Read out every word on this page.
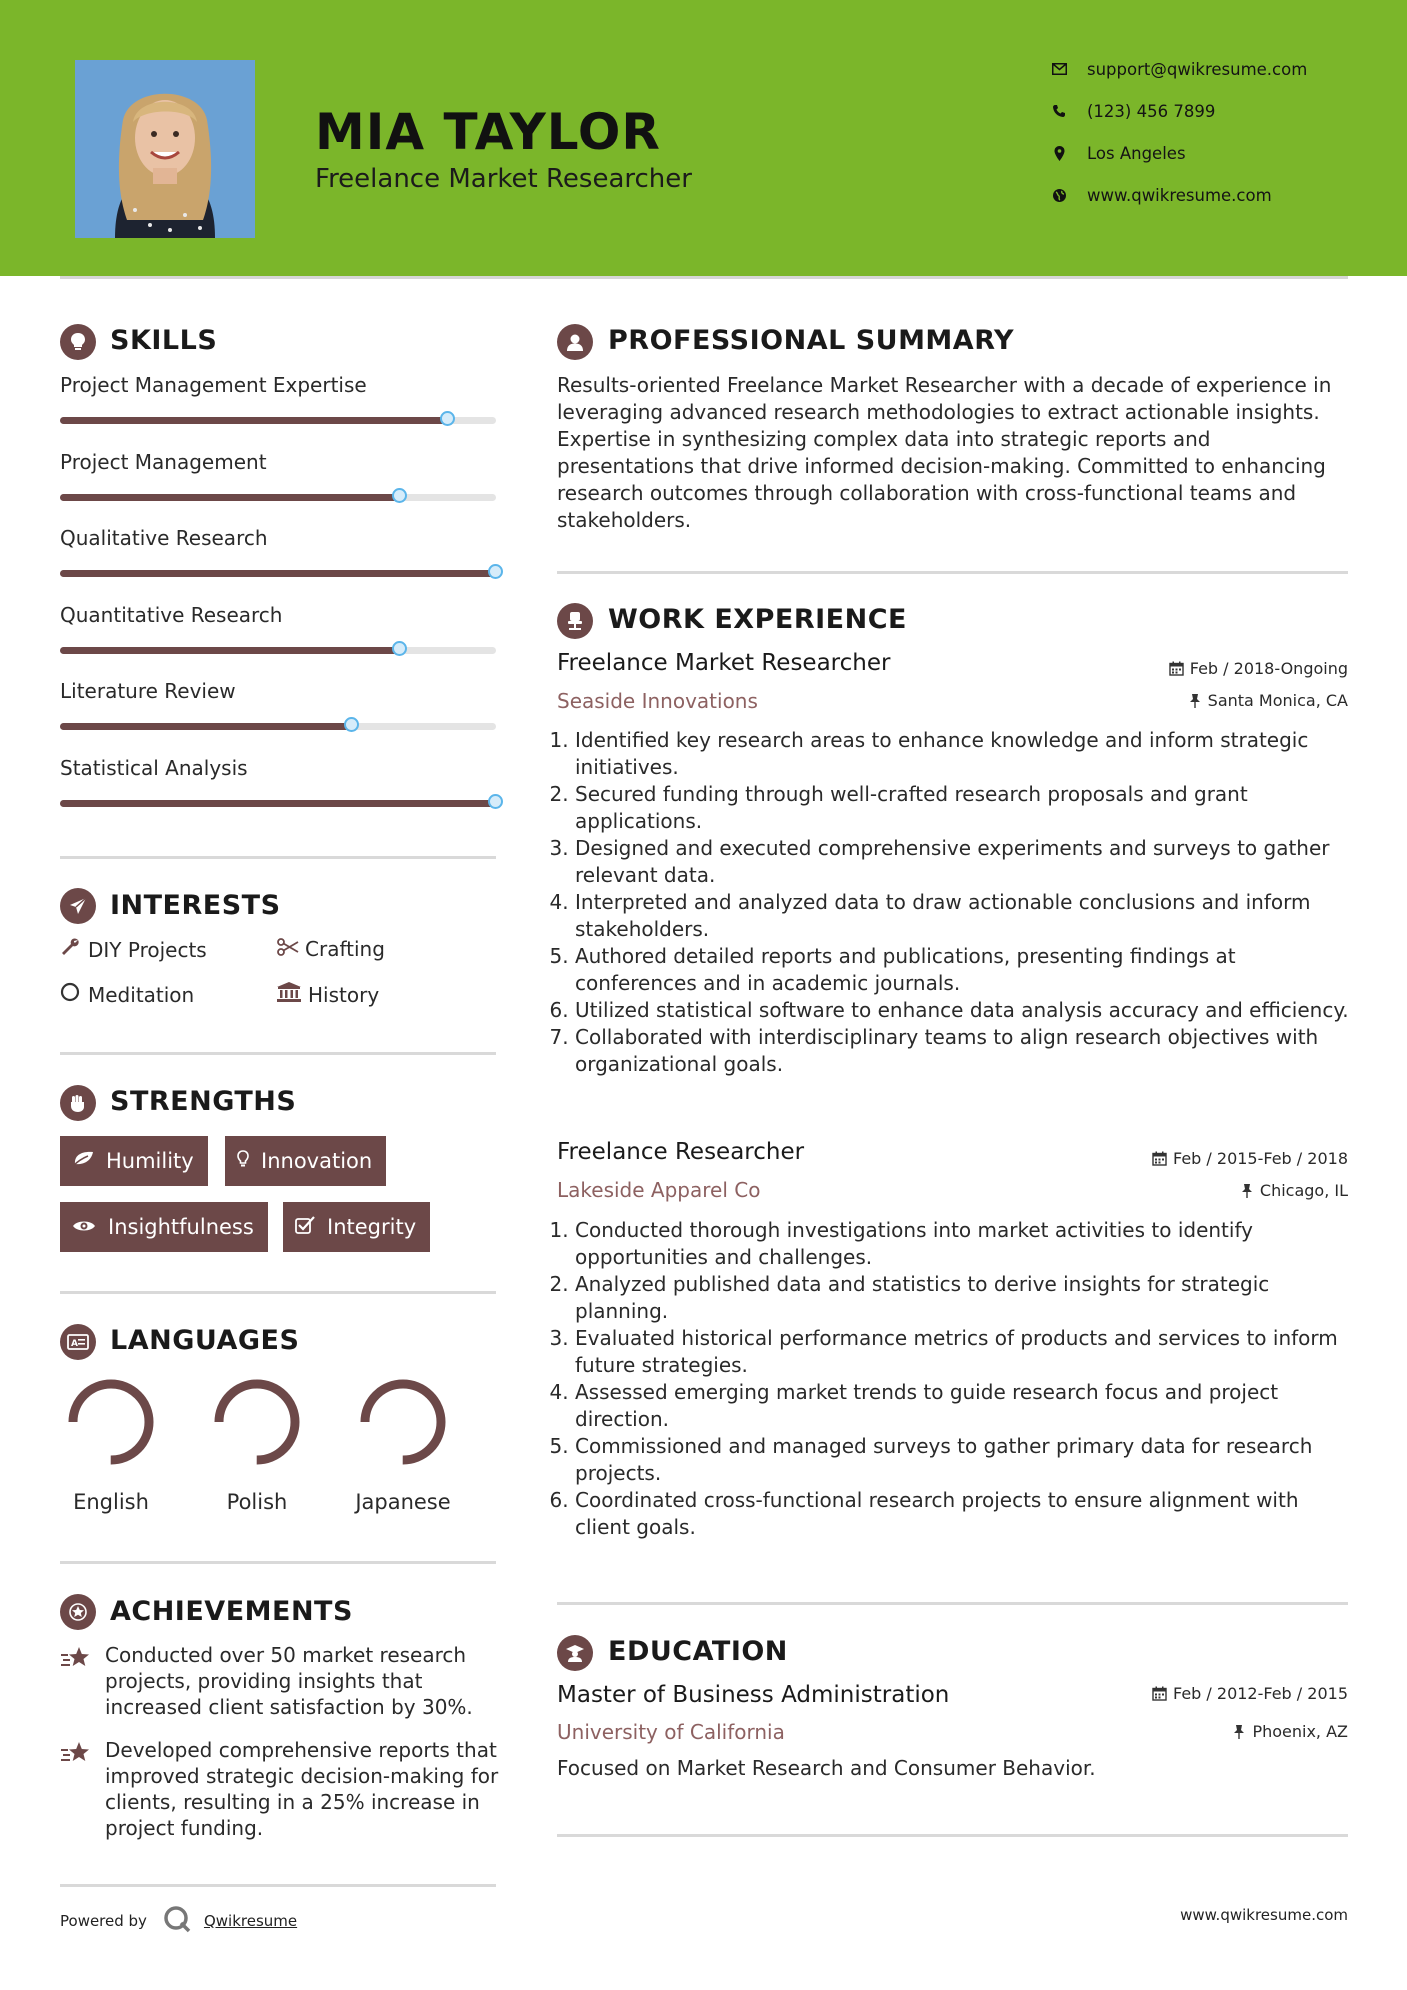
MIA TAYLOR
Freelance Market Researcher
support@qwikresume.com
(123) 456 7899
Los Angeles
www.qwikresume.com
SKILLS
Project Management Expertise
Project Management
Qualitative Research
Quantitative Research
Literature Review
Statistical Analysis
INTERESTS
DIY Projects	Crafting
Meditation	History
STRENGTHS
Humility	Innovation
Insightfulness	Integrity
A LANGUAGES
English	Polish	Japanese
ACHIEVEMENTS
Conducted over 50 market research projects, providing insights that increased client satisfaction by 30%.
Developed comprehensive reports that improved strategic decision-making for clients, resulting in a 25% increase in project funding.
PROFESSIONAL SUMMARY
Results-oriented Freelance Market Researcher with a decade of experience in leveraging advanced research methodologies to extract actionable insights. Expertise in synthesizing complex data into strategic reports and presentations that drive informed decision-making. Committed to enhancing research outcomes through collaboration with cross-functional teams and stakeholders.
WORK EXPERIENCE
Freelance Market Researcher
Seaside Innovations
Feb / 2018-Ongoing
Santa Monica, CA
1. Identified key research areas to enhance knowledge and inform strategic initiatives.
2. Secured funding through well-crafted research proposals and grant applications.
3. Designed and executed comprehensive experiments and surveys to gather relevant data.
4. Interpreted and analyzed data to draw actionable conclusions and inform stakeholders.
5. Authored detailed reports and publications, presenting findings at conferences and in academic journals.
6. Utilized statistical software to enhance data analysis accuracy and efficiency.
7. Collaborated with interdisciplinary teams to align research objectives with organizational goals.
Freelance Researcher
Lakeside Apparel Co
Feb / 2015-Feb / 2018
Chicago, IL
1. Conducted thorough investigations into market activities to identify opportunities and challenges.
2. Analyzed published data and statistics to derive insights for strategic planning.
3. Evaluated historical performance metrics of products and services to inform future strategies.
4. Assessed emerging market trends to guide research focus and project direction.
5. Commissioned and managed surveys to gather primary data for research projects.
6. Coordinated cross-functional research projects to ensure alignment with client goals.
EDUCATION
Master of Business Administration
University of California
Feb / 2012-Feb / 2015
Phoenix, AZ
Focused on Market Research and Consumer Behavior.
Powered by	Qwikresume	www.qwikresume.com
